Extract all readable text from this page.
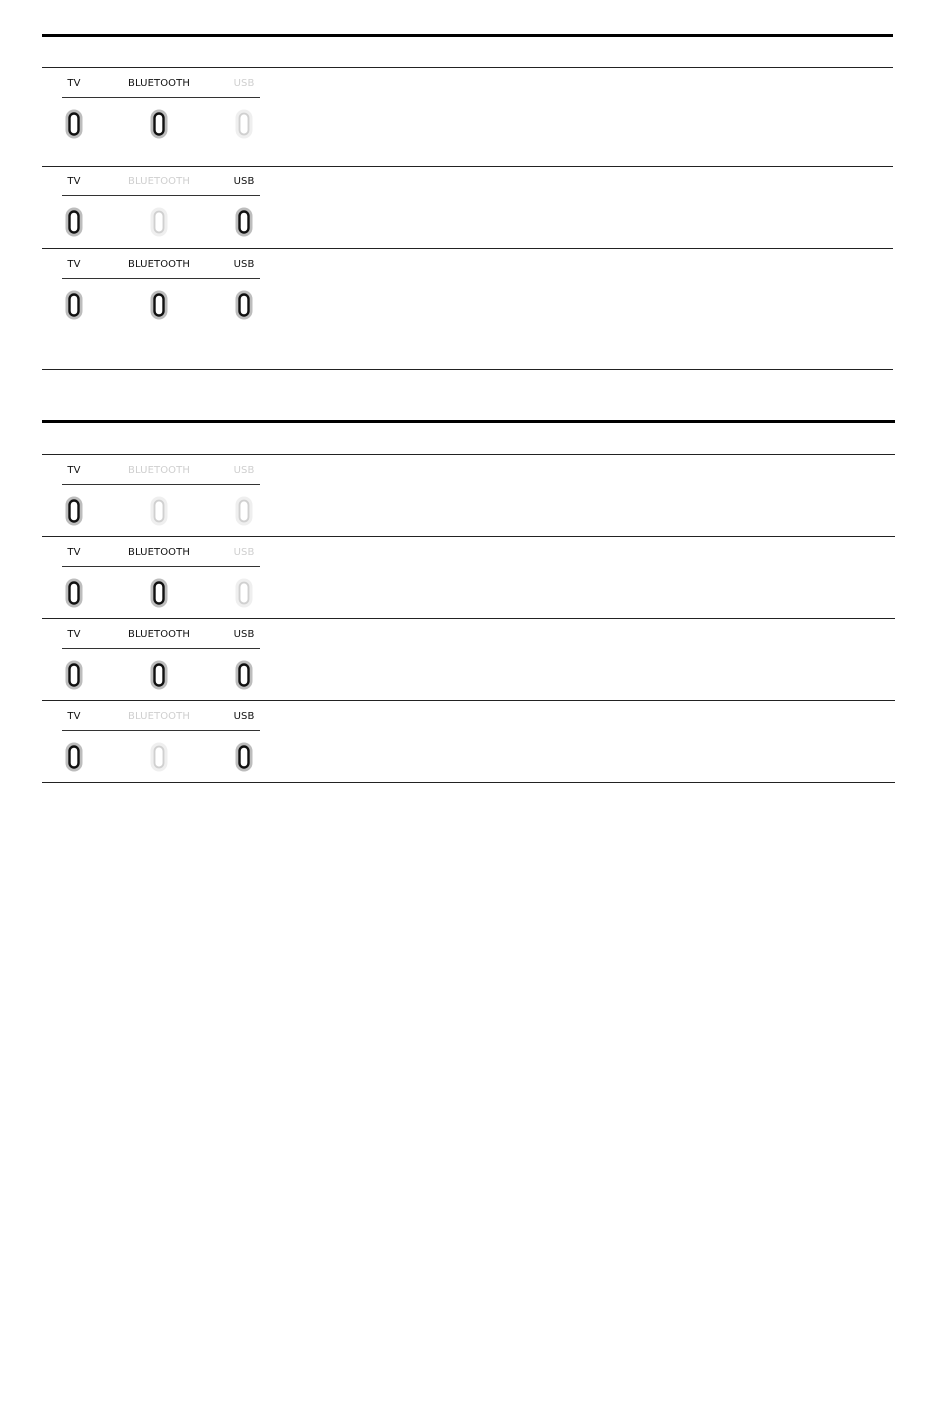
TV	BLUETOOTH	USB
TV	BLUETOOTH	USB
TV	BLUETOOTH	USB
TV	BLUETOOTH	USB
TV	BLUETOOTH	USB
TV	BLUETOOTH	USB
TV	BLUETOOTH	USB
